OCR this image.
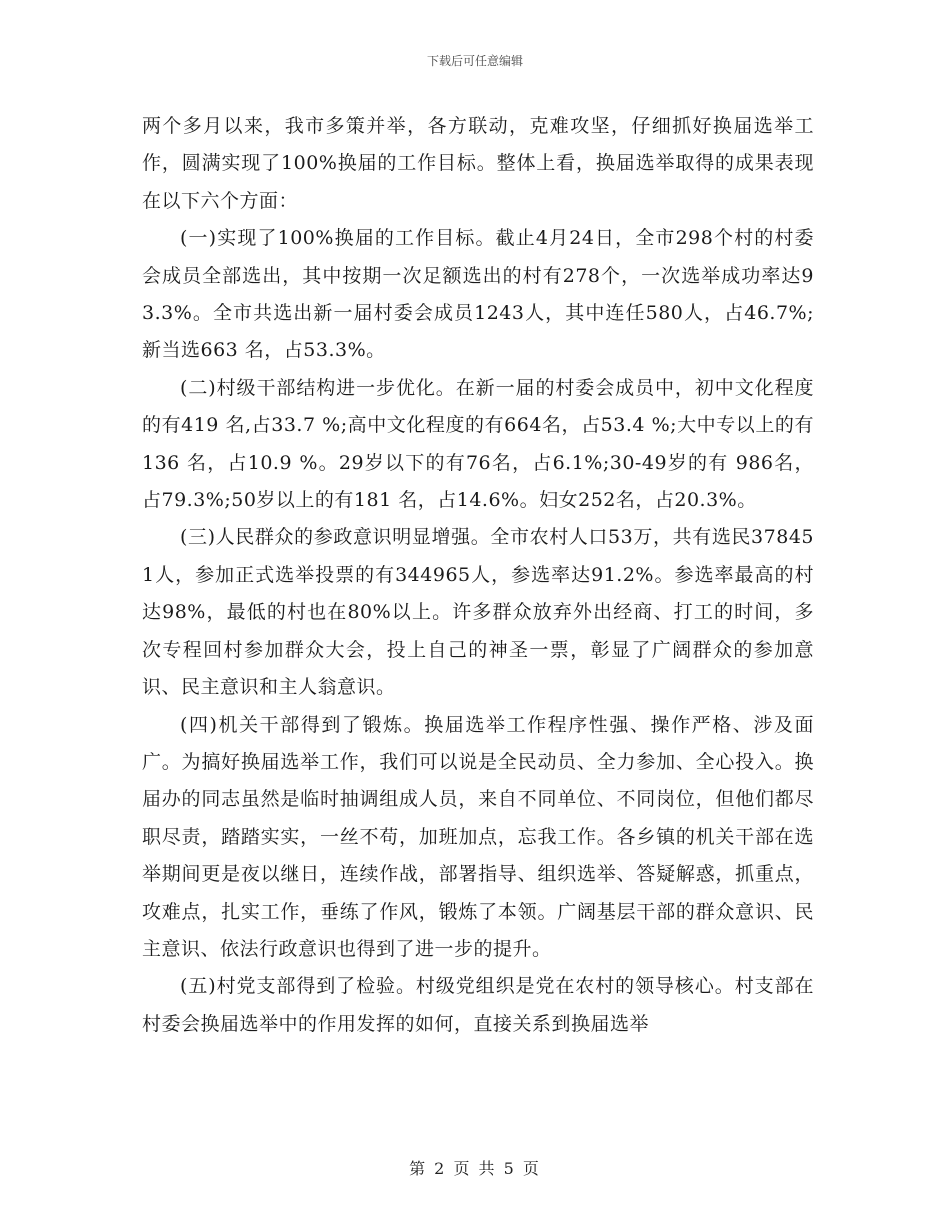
下载后可任意编辑

两个多月以来，我市多策并举，各方联动，克难攻坚，仔细抓好换届选举工作，圆满实现了100%换届的工作目标。整体上看，换届选举取得的成果表现在以下六个方面：

(一)实现了100%换届的工作目标。截止4月24日，全市298个村的村委会成员全部选出，其中按期一次足额选出的村有278个，一次选举成功率达93.3%。全市共选出新一届村委会成员1243人，其中连任580人，占46.7%;新当选663 名，占53.3%。

(二)村级干部结构进一步优化。在新一届的村委会成员中，初中文化程度的有419 名,占33.7 %;高中文化程度的有664名，占53.4 %;大中专以上的有136 名，占10.9 %。29岁以下的有76名，占6.1%;30-49岁的有 986名，占79.3%;50岁以上的有181 名，占14.6%。妇女252名，占20.3%。

(三)人民群众的参政意识明显增强。全市农村人口53万，共有选民378451人，参加正式选举投票的有344965人，参选率达91.2%。参选率最高的村达98%，最低的村也在80%以上。许多群众放弃外出经商、打工的时间，多次专程回村参加群众大会，投上自己的神圣一票，彰显了广阔群众的参加意识、民主意识和主人翁意识。

(四)机关干部得到了锻炼。换届选举工作程序性强、操作严格、涉及面广。为搞好换届选举工作，我们可以说是全民动员、全力参加、全心投入。换届办的同志虽然是临时抽调组成人员，来自不同单位、不同岗位，但他们都尽职尽责，踏踏实实，一丝不苟，加班加点，忘我工作。各乡镇的机关干部在选举期间更是夜以继日，连续作战，部署指导、组织选举、答疑解惑，抓重点，攻难点，扎实工作，垂练了作风，锻炼了本领。广阔基层干部的群众意识、民主意识、依法行政意识也得到了进一步的提升。

(五)村党支部得到了检验。村级党组织是党在农村的领导核心。村支部在村委会换届选举中的作用发挥的如何，直接关系到换届选举

第 2 页 共 5 页
